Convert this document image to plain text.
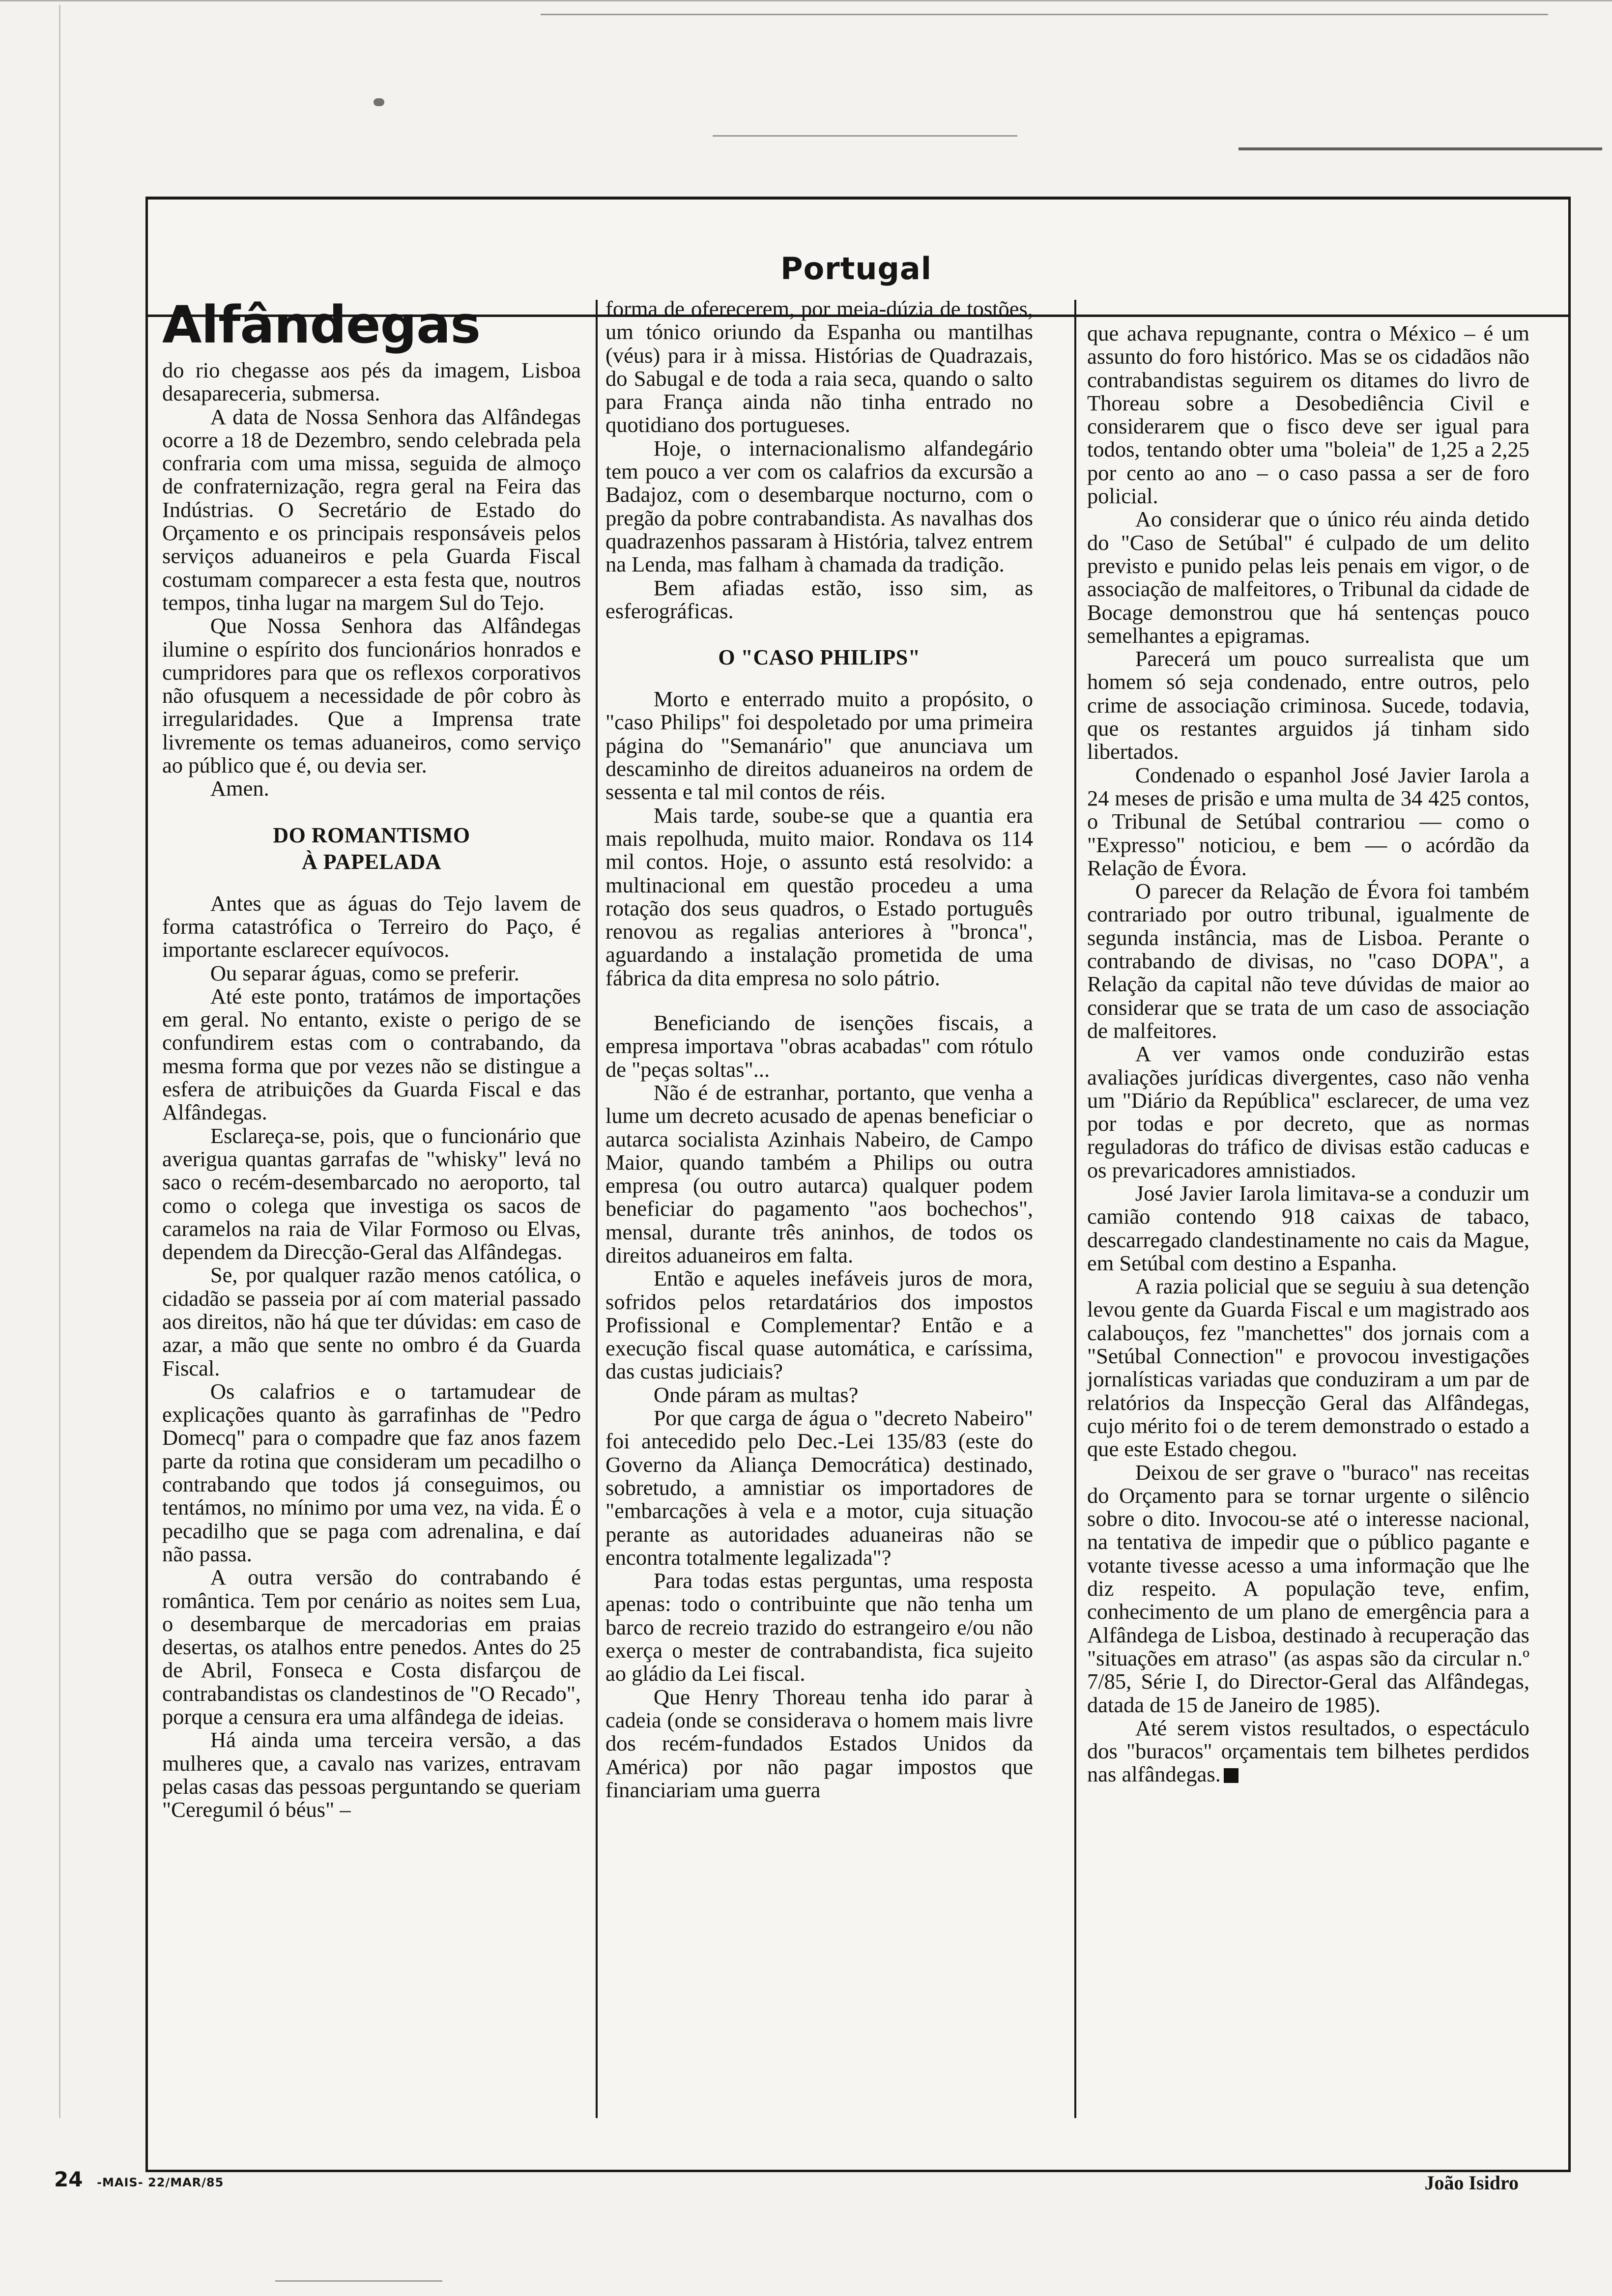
Portugal
Alfândegas

do rio chegasse aos pés da imagem, Lisboa desapareceria, submersa.

A data de Nossa Senhora das Alfândegas ocorre a 18 de Dezembro, sendo celebrada pela confraria com uma missa, seguida de almoço de confraternização, regra geral na Feira das Indústrias. O Secretário de Estado do Orçamento e os principais responsáveis pelos serviços aduaneiros e pela Guarda Fiscal costumam comparecer a esta festa que, noutros tempos, tinha lugar na margem Sul do Tejo.

Que Nossa Senhora das Alfândegas ilumine o espírito dos funcionários honrados e cumpridores para que os reflexos corporativos não ofusquem a necessidade de pôr cobro às irregularidades. Que a Imprensa trate livremente os temas aduaneiros, como serviço ao público que é, ou devia ser.

Amen.

DO ROMANTISMO
À PAPELADA

Antes que as águas do Tejo lavem de forma catastrófica o Terreiro do Paço, é importante esclarecer equívocos.

Ou separar águas, como se preferir.

Até este ponto, tratámos de importações em geral. No entanto, existe o perigo de se confundirem estas com o contrabando, da mesma forma que por vezes não se distingue a esfera de atribuições da Guarda Fiscal e das Alfândegas.

Esclareça-se, pois, que o funcionário que averigua quantas garrafas de "whisky" levá no saco o recém-desembarcado no aeroporto, tal como o colega que investiga os sacos de caramelos na raia de Vilar Formoso ou Elvas, dependem da Direcção-Geral das Alfândegas.

Se, por qualquer razão menos católica, o cidadão se passeia por aí com material passado aos direitos, não há que ter dúvidas: em caso de azar, a mão que sente no ombro é da Guarda Fiscal.

Os calafrios e o tartamudear de explicações quanto às garrafinhas de "Pedro Domecq" para o compadre que faz anos fazem parte da rotina que consideram um pecadilho o contrabando que todos já conseguimos, ou tentámos, no mínimo por uma vez, na vida. É o pecadilho que se paga com adrenalina, e daí não passa.

A outra versão do contrabando é romântica. Tem por cenário as noites sem Lua, o desembarque de mercadorias em praias desertas, os atalhos entre penedos. Antes do 25 de Abril, Fonseca e Costa disfarçou de contrabandistas os clandestinos de "O Recado", porque a censura era uma alfândega de ideias.

Há ainda uma terceira versão, a das mulheres que, a cavalo nas varizes, entravam pelas casas das pessoas perguntando se queriam "Ceregumil ó béus" –

forma de oferecerem, por meia-dúzia de tostões, um tónico oriundo da Espanha ou mantilhas (véus) para ir à missa. Histórias de Quadrazais, do Sabugal e de toda a raia seca, quando o salto para França ainda não tinha entrado no quotidiano dos portugueses.

Hoje, o internacionalismo alfandegário tem pouco a ver com os calafrios da excursão a Badajoz, com o desembarque nocturno, com o pregão da pobre contrabandista. As navalhas dos quadrazenhos passaram à História, talvez entrem na Lenda, mas falham à chamada da tradição.

Bem afiadas estão, isso sim, as esferográficas.

O "CASO PHILIPS"

Morto e enterrado muito a propósito, o "caso Philips" foi despoletado por uma primeira página do "Semanário" que anunciava um descaminho de direitos aduaneiros na ordem de sessenta e tal mil contos de réis.

Mais tarde, soube-se que a quantia era mais repolhuda, muito maior. Rondava os 114 mil contos. Hoje, o assunto está resolvido: a multinacional em questão procedeu a uma rotação dos seus quadros, o Estado português renovou as regalias anteriores à "bronca", aguardando a instalação prometida de uma fábrica da dita empresa no solo pátrio.

Beneficiando de isenções fiscais, a empresa importava "obras acabadas" com rótulo de "peças soltas"...

Não é de estranhar, portanto, que venha a lume um decreto acusado de apenas beneficiar o autarca socialista Azinhais Nabeiro, de Campo Maior, quando também a Philips ou outra empresa (ou outro autarca) qualquer podem beneficiar do pagamento "aos bochechos", mensal, durante três aninhos, de todos os direitos aduaneiros em falta.

Então e aqueles inefáveis juros de mora, sofridos pelos retardatários dos impostos Profissional e Complementar? Então e a execução fiscal quase automática, e caríssima, das custas judiciais?

Onde páram as multas?

Por que carga de água o "decreto Nabeiro" foi antecedido pelo Dec.-Lei 135/83 (este do Governo da Aliança Democrática) destinado, sobretudo, a amnistiar os importadores de "embarcações à vela e a motor, cuja situação perante as autoridades aduaneiras não se encontra totalmente legalizada"?

Para todas estas perguntas, uma resposta apenas: todo o contribuinte que não tenha um barco de recreio trazido do estrangeiro e/ou não exerça o mester de contrabandista, fica sujeito ao gládio da Lei fiscal.

Que Henry Thoreau tenha ido parar à cadeia (onde se considerava o homem mais livre dos recém-fundados Estados Unidos da América) por não pagar impostos que financiariam uma guerra

que achava repugnante, contra o México – é um assunto do foro histórico. Mas se os cidadãos não contrabandistas seguirem os ditames do livro de Thoreau sobre a Desobediência Civil e considerarem que o fisco deve ser igual para todos, tentando obter uma "boleia" de 1,25 a 2,25 por cento ao ano – o caso passa a ser de foro policial.

Ao considerar que o único réu ainda detido do "Caso de Setúbal" é culpado de um delito previsto e punido pelas leis penais em vigor, o de associação de malfeitores, o Tribunal da cidade de Bocage demonstrou que há sentenças pouco semelhantes a epigramas.

Parecerá um pouco surrealista que um homem só seja condenado, entre outros, pelo crime de associação criminosa. Sucede, todavia, que os restantes arguidos já tinham sido libertados.

Condenado o espanhol José Javier Iarola a 24 meses de prisão e uma multa de 34 425 contos, o Tribunal de Setúbal contrariou — como o "Expresso" noticiou, e bem — o acórdão da Relação de Évora.

O parecer da Relação de Évora foi também contrariado por outro tribunal, igualmente de segunda instância, mas de Lisboa. Perante o contrabando de divisas, no "caso DOPA", a Relação da capital não teve dúvidas de maior ao considerar que se trata de um caso de associação de malfeitores.

A ver vamos onde conduzirão estas avaliações jurídicas divergentes, caso não venha um "Diário da República" esclarecer, de uma vez por todas e por decreto, que as normas reguladoras do tráfico de divisas estão caducas e os prevaricadores amnistiados.

José Javier Iarola limitava-se a conduzir um camião contendo 918 caixas de tabaco, descarregado clandestinamente no cais da Mague, em Setúbal com destino a Espanha.

A razia policial que se seguiu à sua detenção levou gente da Guarda Fiscal e um magistrado aos calabouços, fez "manchettes" dos jornais com a "Setúbal Connection" e provocou investigações jornalísticas variadas que conduziram a um par de relatórios da Inspecção Geral das Alfândegas, cujo mérito foi o de terem demonstrado o estado a que este Estado chegou.

Deixou de ser grave o "buraco" nas receitas do Orçamento para se tornar urgente o silêncio sobre o dito. Invocou-se até o interesse nacional, na tentativa de impedir que o público pagante e votante tivesse acesso a uma informação que lhe diz respeito. A população teve, enfim, conhecimento de um plano de emergência para a Alfândega de Lisboa, destinado à recuperação das "situações em atraso" (as aspas são da circular n.º 7/85, Série I, do Director-Geral das Alfândegas, datada de 15 de Janeiro de 1985).

Até serem vistos resultados, o espectáculo dos "buracos" orçamentais tem bilhetes perdidos nas alfândegas.

24 -MAIS- 22/MAR/85	João Isidro
